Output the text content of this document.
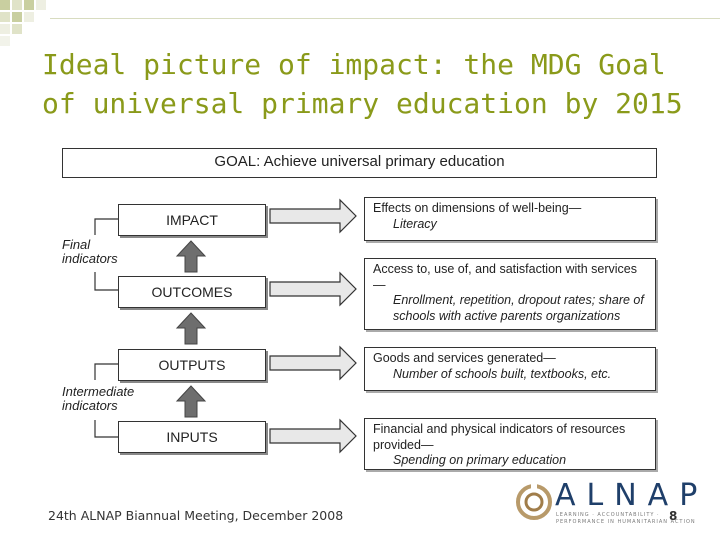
Ideal picture of impact: the MDG Goal
of universal primary education by 2015
GOAL: Achieve universal primary education
IMPACT
OUTCOMES
OUTPUTS
INPUTS
Effects on dimensions of well-being—
Literacy
Access to, use of, and satisfaction with services—
Enrollment, repetition, dropout rates; share of schools with active parents organizations
Goods and services generated—
Number of schools built, textbooks, etc.
Financial and physical indicators of resources provided—
Spending on primary education
Final indicators
Intermediate indicators
24th ALNAP Biannual Meeting, December 2008
ALNAP
LEARNING · ACCOUNTABILITY · PERFORMANCE IN HUMANITARIAN ACTION
8
